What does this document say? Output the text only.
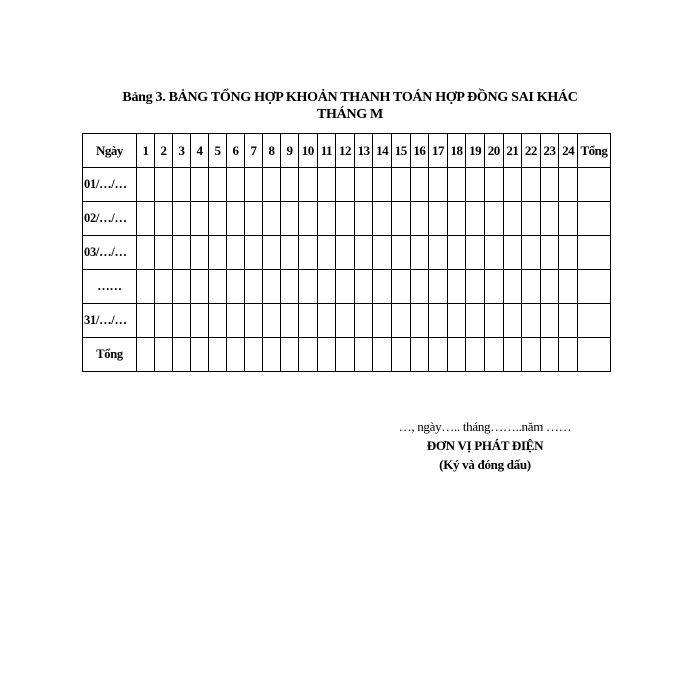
Bảng 3. BẢNG TỔNG HỢP KHOẢN THANH TOÁN HỢP ĐỒNG SAI KHÁC
THÁNG M
Ngày	1	2	3	4	5	6	7	8	9	10	11	12	13	14	15	16	17	18	19	20	21	22	23	24	Tổng
01/…/…																									
02/…/…																									
03/…/…																									
……																									
31/…/…																									
Tổng																									
…, ngày….. tháng……..năm ……
ĐƠN VỊ PHÁT ĐIỆN
(Ký và đóng dấu)
